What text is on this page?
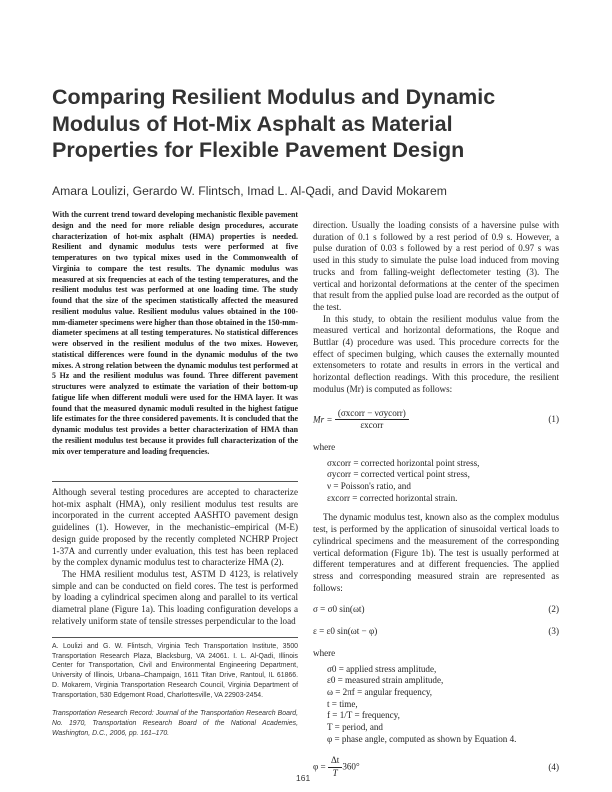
Comparing Resilient Modulus and Dynamic
Modulus of Hot-Mix Asphalt as Material
Properties for Flexible Pavement Design
Amara Loulizi, Gerardo W. Flintsch, Imad L. Al-Qadi, and David Mokarem
With the current trend toward developing mechanistic flexible pavement design and the need for more reliable design procedures, accurate characterization of hot-mix asphalt (HMA) properties is needed. Resilient and dynamic modulus tests were performed at five temperatures on two typical mixes used in the Commonwealth of Virginia to compare the test results. The dynamic modulus was measured at six frequencies at each of the testing temperatures, and the resilient modulus test was performed at one loading time. The study found that the size of the specimen statistically affected the measured resilient modulus value. Resilient modulus values obtained in the 100-mm-diameter specimens were higher than those obtained in the 150-mm-diameter specimens at all testing temperatures. No statistical differences were observed in the resilient modulus of the two mixes. However, statistical differences were found in the dynamic modulus of the two mixes. A strong relation between the dynamic modulus test performed at 5 Hz and the resilient modulus was found. Three different pavement structures were analyzed to estimate the variation of their bottom-up fatigue life when different moduli were used for the HMA layer. It was found that the measured dynamic moduli resulted in the highest fatigue life estimates for the three considered pavements. It is concluded that the dynamic modulus test provides a better characterization of HMA than the resilient modulus test because it provides full characterization of the mix over temperature and loading frequencies.

Although several testing procedures are accepted to characterize hot-mix asphalt (HMA), only resilient modulus test results are incorporated in the current accepted AASHTO pavement design guidelines (1). However, in the mechanistic–empirical (M-E) design guide proposed by the recently completed NCHRP Project 1-37A and currently under evaluation, this test has been replaced by the complex dynamic modulus test to characterize HMA (2).

The HMA resilient modulus test, ASTM D 4123, is relatively simple and can be conducted on field cores. The test is performed by loading a cylindrical specimen along and parallel to its vertical diametral plane (Figure 1a). This loading configuration develops a relatively uniform state of tensile stresses perpendicular to the load

A. Loulizi and G. W. Flintsch, Virginia Tech Transportation Institute, 3500 Transportation Research Plaza, Blacksburg, VA 24061. I. L. Al-Qadi, Illinois Center for Transportation, Civil and Environmental Engineering Department, University of Illinois, Urbana–Champaign, 1611 Titan Drive, Rantoul, IL 61866. D. Mokarem, Virginia Transportation Research Council, Virginia Department of Transportation, 530 Edgemont Road, Charlottesville, VA 22903-2454.

Transportation Research Record: Journal of the Transportation Research Board, No. 1970, Transportation Research Board of the National Academies, Washington, D.C., 2006, pp. 161–170.

direction. Usually the loading consists of a haversine pulse with duration of 0.1 s followed by a rest period of 0.9 s. However, a pulse duration of 0.03 s followed by a rest period of 0.97 s was used in this study to simulate the pulse load induced from moving trucks and from falling-weight deflectometer testing (3). The vertical and horizontal deformations at the center of the specimen that result from the applied pulse load are recorded as the output of the test.

In this study, to obtain the resilient modulus value from the measured vertical and horizontal deformations, the Roque and Buttlar (4) procedure was used. This procedure corrects for the effect of specimen bulging, which causes the externally mounted extensometers to rotate and results in errors in the vertical and horizontal deflection readings. With this procedure, the resilient modulus (Mr) is computed as follows:

$Mr = \frac{\text{(σxcorr − νσycorr)}}{\text{εxcorr}}$	(1)
where
σxcorr = corrected horizontal point stress,
σycorr = corrected vertical point stress,
ν = Poisson's ratio, and
εxcorr = corrected horizontal strain.

The dynamic modulus test, known also as the complex modulus test, is performed by the application of sinusoidal vertical loads to cylindrical specimens and the measurement of the corresponding vertical deformation (Figure 1b). The test is usually performed at different temperatures and at different frequencies. The applied stress and corresponding measured strain are represented as follows:

σ = σ0 sin(ωt)	(2)
ε = ε0 sin(ωt − φ)	(3)
where
σ0 = applied stress amplitude,
ε0 = measured strain amplitude,
ω = 2πf = angular frequency,
t = time,
f = 1/T = frequency,
T = period, and
φ = phase angle, computed as shown by Equation 4.
$\varphi = \frac{\Delta t}{T} 360^\circ$	(4)
161
